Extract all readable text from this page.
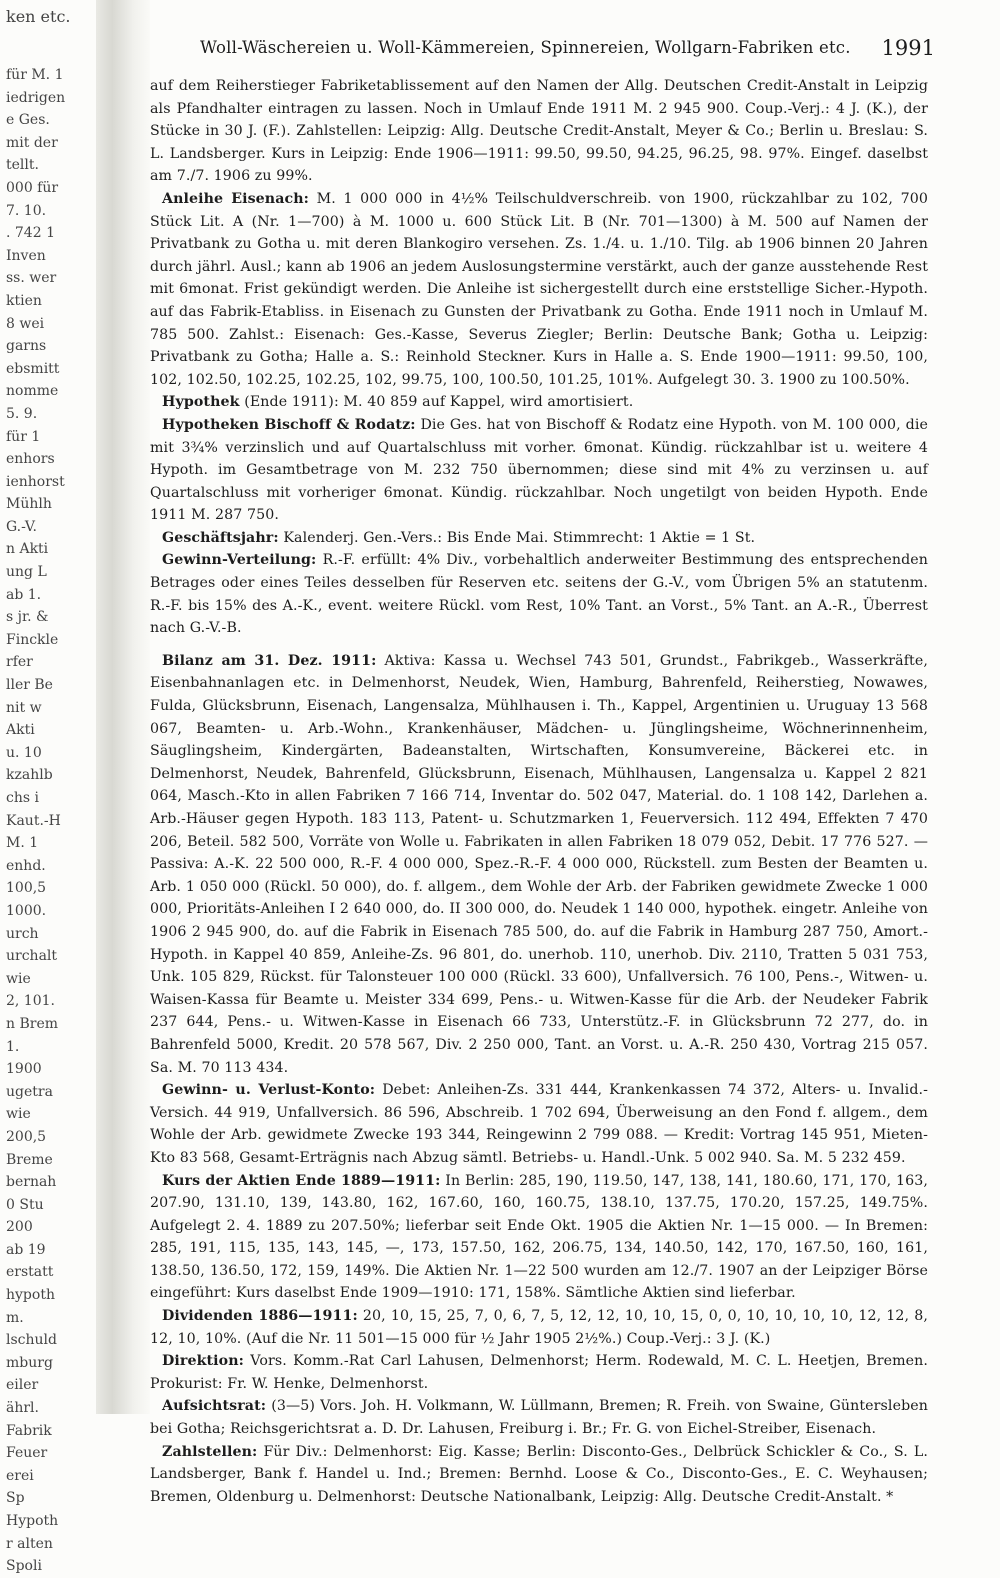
ken etc.
für M. 1
iedrigen
e Ges.
mit der
tellt.
000 für
7. 10.
. 742 1
Inven
ss. wer
ktien
8 wei
garns
ebsmitt
nomme
5. 9.
für 1
enhors
ienhorst
Mühlh
G.-V.
n Akti
ung L
ab 1.
s jr. &
Finckle
rfer
ller Be
nit w
Akti
u. 10
kzahlb
chs i
Kaut.-H
M. 1
enhd.
100,5
1000.
urch
urchalt
wie
2, 101.
n Brem
1.
1900
ugetra
wie
200,5
Breme
bernah
0 Stu
200
ab 19
erstatt
hypoth
m.
lschuld
mburg
eiler
ährl.
Fabrik
Feuer
erei
Sp
Hypoth
r alten
Spoli
Woll-Wäschereien u. Woll-Kämmereien, Spinnereien, Wollgarn-Fabriken etc. 1991

auf dem Reiherstieger Fabriketablissement auf den Namen der Allg. Deutschen Credit-Anstalt in Leipzig als Pfandhalter eintragen zu lassen. Noch in Umlauf Ende 1911 M. 2 945 900. Coup.-Verj.: 4 J. (K.), der Stücke in 30 J. (F.). Zahlstellen: Leipzig: Allg. Deutsche Credit-Anstalt, Meyer & Co.; Berlin u. Breslau: S. L. Landsberger. Kurs in Leipzig: Ende 1906—1911: 99.50, 99.50, 94.25, 96.25, 98. 97%. Eingef. daselbst am 7./7. 1906 zu 99%.

Anleihe Eisenach: M. 1 000 000 in 4½% Teilschuldverschreib. von 1900, rückzahlbar zu 102, 700 Stück Lit. A (Nr. 1—700) à M. 1000 u. 600 Stück Lit. B (Nr. 701—1300) à M. 500 auf Namen der Privatbank zu Gotha u. mit deren Blankogiro versehen. Zs. 1./4. u. 1./10. Tilg. ab 1906 binnen 20 Jahren durch jährl. Ausl.; kann ab 1906 an jedem Auslosungstermine verstärkt, auch der ganze ausstehende Rest mit 6monat. Frist gekündigt werden. Die Anleihe ist sichergestellt durch eine erststellige Sicher.-Hypoth. auf das Fabrik-Etabliss. in Eisenach zu Gunsten der Privatbank zu Gotha. Ende 1911 noch in Umlauf M. 785 500. Zahlst.: Eisenach: Ges.-Kasse, Severus Ziegler; Berlin: Deutsche Bank; Gotha u. Leipzig: Privatbank zu Gotha; Halle a. S.: Reinhold Steckner. Kurs in Halle a. S. Ende 1900—1911: 99.50, 100, 102, 102.50, 102.25, 102.25, 102, 99.75, 100, 100.50, 101.25, 101%. Aufgelegt 30. 3. 1900 zu 100.50%.

Hypothek (Ende 1911): M. 40 859 auf Kappel, wird amortisiert.

Hypotheken Bischoff & Rodatz: Die Ges. hat von Bischoff & Rodatz eine Hypoth. von M. 100 000, die mit 3¾% verzinslich und auf Quartalschluss mit vorher. 6monat. Kündig. rückzahlbar ist u. weitere 4 Hypoth. im Gesamtbetrage von M. 232 750 übernommen; diese sind mit 4% zu verzinsen u. auf Quartalschluss mit vorheriger 6monat. Kündig. rückzahlbar. Noch ungetilgt von beiden Hypoth. Ende 1911 M. 287 750.

Geschäftsjahr: Kalenderj. Gen.-Vers.: Bis Ende Mai. Stimmrecht: 1 Aktie = 1 St.

Gewinn-Verteilung: R.-F. erfüllt: 4% Div., vorbehaltlich anderweiter Bestimmung des entsprechenden Betrages oder eines Teiles desselben für Reserven etc. seitens der G.-V., vom Übrigen 5% an statutenm. R.-F. bis 15% des A.-K., event. weitere Rückl. vom Rest, 10% Tant. an Vorst., 5% Tant. an A.-R., Überrest nach G.-V.-B.

Bilanz am 31. Dez. 1911: Aktiva: Kassa u. Wechsel 743 501, Grundst., Fabrikgeb., Wasserkräfte, Eisenbahnanlagen etc. in Delmenhorst, Neudek, Wien, Hamburg, Bahrenfeld, Reiherstieg, Nowawes, Fulda, Glücksbrunn, Eisenach, Langensalza, Mühlhausen i. Th., Kappel, Argentinien u. Uruguay 13 568 067, Beamten- u. Arb.-Wohn., Krankenhäuser, Mädchen- u. Jünglingsheime, Wöchnerinnenheim, Säuglingsheim, Kindergärten, Badeanstalten, Wirtschaften, Konsumvereine, Bäckerei etc. in Delmenhorst, Neudek, Bahrenfeld, Glücksbrunn, Eisenach, Mühlhausen, Langensalza u. Kappel 2 821 064, Masch.-Kto in allen Fabriken 7 166 714, Inventar do. 502 047, Material. do. 1 108 142, Darlehen a. Arb.-Häuser gegen Hypoth. 183 113, Patent- u. Schutzmarken 1, Feuerversich. 112 494, Effekten 7 470 206, Beteil. 582 500, Vorräte von Wolle u. Fabrikaten in allen Fabriken 18 079 052, Debit. 17 776 527. — Passiva: A.-K. 22 500 000, R.-F. 4 000 000, Spez.-R.-F. 4 000 000, Rückstell. zum Besten der Beamten u. Arb. 1 050 000 (Rückl. 50 000), do. f. allgem., dem Wohle der Arb. der Fabriken gewidmete Zwecke 1 000 000, Prioritäts-Anleihen I 2 640 000, do. II 300 000, do. Neudek 1 140 000, hypothek. eingetr. Anleihe von 1906 2 945 900, do. auf die Fabrik in Eisenach 785 500, do. auf die Fabrik in Hamburg 287 750, Amort.-Hypoth. in Kappel 40 859, Anleihe-Zs. 96 801, do. unerhob. 110, unerhob. Div. 2110, Tratten 5 031 753, Unk. 105 829, Rückst. für Talonsteuer 100 000 (Rückl. 33 600), Unfallversich. 76 100, Pens.-, Witwen- u. Waisen-Kassa für Beamte u. Meister 334 699, Pens.- u. Witwen-Kasse für die Arb. der Neudeker Fabrik 237 644, Pens.- u. Witwen-Kasse in Eisenach 66 733, Unterstütz.-F. in Glücksbrunn 72 277, do. in Bahrenfeld 5000, Kredit. 20 578 567, Div. 2 250 000, Tant. an Vorst. u. A.-R. 250 430, Vortrag 215 057. Sa. M. 70 113 434.

Gewinn- u. Verlust-Konto: Debet: Anleihen-Zs. 331 444, Krankenkassen 74 372, Alters- u. Invalid.-Versich. 44 919, Unfallversich. 86 596, Abschreib. 1 702 694, Überweisung an den Fond f. allgem., dem Wohle der Arb. gewidmete Zwecke 193 344, Reingewinn 2 799 088. — Kredit: Vortrag 145 951, Mieten-Kto 83 568, Gesamt-Erträgnis nach Abzug sämtl. Betriebs- u. Handl.-Unk. 5 002 940. Sa. M. 5 232 459.

Kurs der Aktien Ende 1889—1911: In Berlin: 285, 190, 119.50, 147, 138, 141, 180.60, 171, 170, 163, 207.90, 131.10, 139, 143.80, 162, 167.60, 160, 160.75, 138.10, 137.75, 170.20, 157.25, 149.75%. Aufgelegt 2. 4. 1889 zu 207.50%; lieferbar seit Ende Okt. 1905 die Aktien Nr. 1—15 000. — In Bremen: 285, 191, 115, 135, 143, 145, —, 173, 157.50, 162, 206.75, 134, 140.50, 142, 170, 167.50, 160, 161, 138.50, 136.50, 172, 159, 149%. Die Aktien Nr. 1—22 500 wurden am 12./7. 1907 an der Leipziger Börse eingeführt: Kurs daselbst Ende 1909—1910: 171, 158%. Sämtliche Aktien sind lieferbar.

Dividenden 1886—1911: 20, 10, 15, 25, 7, 0, 6, 7, 5, 12, 12, 10, 10, 15, 0, 0, 10, 10, 10, 10, 12, 12, 8, 12, 10, 10%. (Auf die Nr. 11 501—15 000 für ½ Jahr 1905 2½%.) Coup.-Verj.: 3 J. (K.)

Direktion: Vors. Komm.-Rat Carl Lahusen, Delmenhorst; Herm. Rodewald, M. C. L. Heetjen, Bremen. Prokurist: Fr. W. Henke, Delmenhorst.

Aufsichtsrat: (3—5) Vors. Joh. H. Volkmann, W. Lüllmann, Bremen; R. Freih. von Swaine, Güntersleben bei Gotha; Reichsgerichtsrat a. D. Dr. Lahusen, Freiburg i. Br.; Fr. G. von Eichel-Streiber, Eisenach.

Zahlstellen: Für Div.: Delmenhorst: Eig. Kasse; Berlin: Disconto-Ges., Delbrück Schickler & Co., S. L. Landsberger, Bank f. Handel u. Ind.; Bremen: Bernhd. Loose & Co., Disconto-Ges., E. C. Weyhausen; Bremen, Oldenburg u. Delmenhorst: Deutsche Nationalbank, Leipzig: Allg. Deutsche Credit-Anstalt. *
